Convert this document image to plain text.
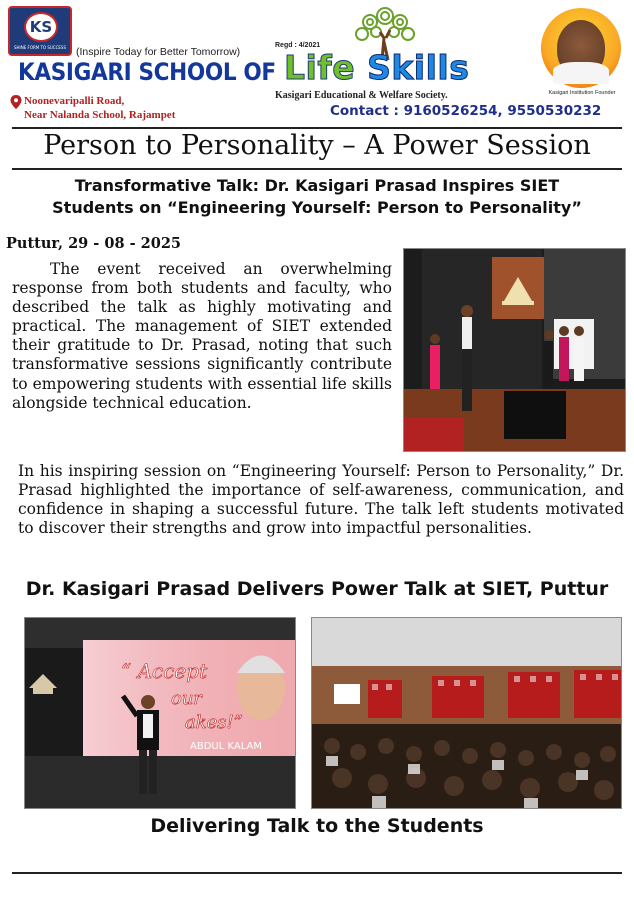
KS
SHINE FORM TO SUCCESS (Inspire Today for Better Tomorrow)
Regd : 4/2021
KASIGARI SCHOOL OF Life Skills
Noonevaripalli Road,
Near Nalanda School, Rajampet
Kasigari Educational & Welfare Society.
Contact : 9160526254, 9550530232
Kasigari Institution Founder
Person to Personality – A Power Session
Transformative Talk: Dr. Kasigari Prasad Inspires SIET
Students on “Engineering Yourself: Person to Personality”
Puttur, 29 - 08 - 2025
The event received an overwhelming response from both students and faculty, who described the talk as highly motivating and practical. The management of SIET extended their gratitude to Dr. Prasad, noting that such transformative sessions significantly contribute to empowering students with essential life skills alongside technical education.
In his inspiring session on “Engineering Yourself: Person to Personality,” Dr. Prasad highlighted the importance of self-awareness, communication, and confidence in shaping a successful future. The talk left students motivated to discover their strengths and grow into impactful personalities.
Dr. Kasigari Prasad Delivers Power Talk at SIET, Puttur
“ Accept
our
akes!”
ABDUL KALAM
Delivering Talk to the Students
